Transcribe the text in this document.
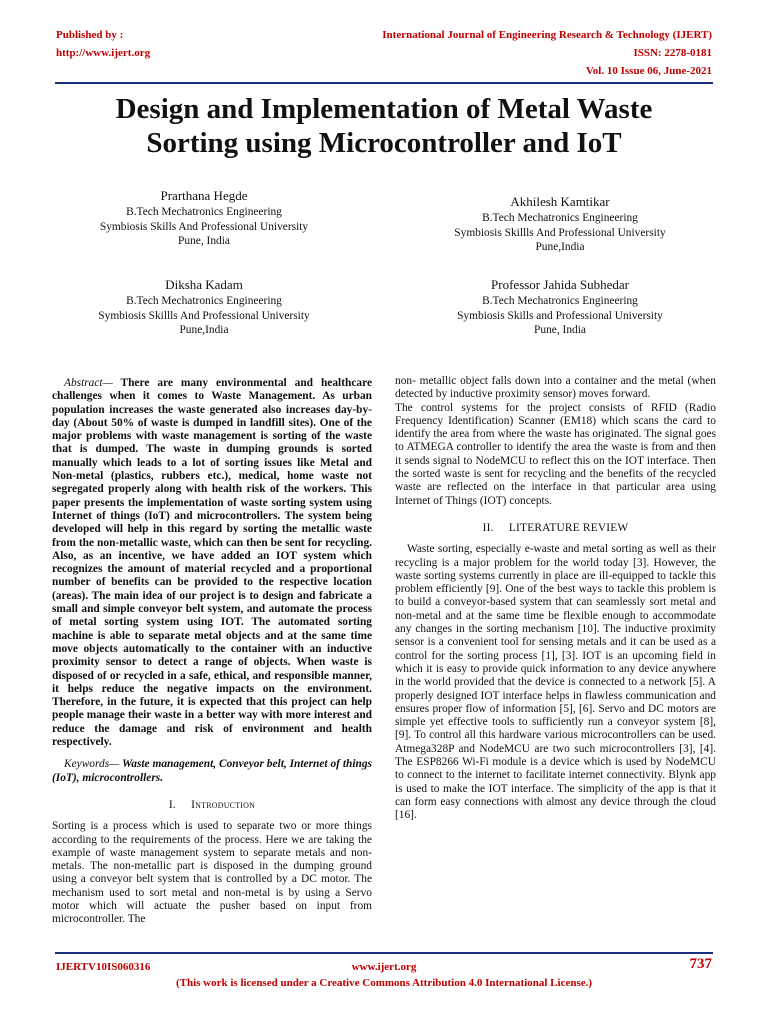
Published by :
http://www.ijert.org
International Journal of Engineering Research & Technology (IJERT)
ISSN: 2278-0181
Vol. 10 Issue 06, June-2021
Design and Implementation of Metal Waste
Sorting using Microcontroller and IoT
Prarthana Hegde
B.Tech Mechatronics Engineering
Symbiosis Skills And Professional University
Pune, India
Akhilesh Kamtikar
B.Tech Mechatronics Engineering
Symbiosis Skillls And Professional University
Pune,India
Diksha Kadam
B.Tech Mechatronics Engineering
Symbiosis Skillls And Professional University
Pune,India
Professor Jahida Subhedar
B.Tech Mechatronics Engineering
Symbiosis Skills and Professional University
Pune, India

Abstract— There are many environmental and healthcare challenges when it comes to Waste Management. As urban population increases the waste generated also increases day-by-day (About 50% of waste is dumped in landfill sites). One of the major problems with waste management is sorting of the waste that is dumped. The waste in dumping grounds is sorted manually which leads to a lot of sorting issues like Metal and Non-metal (plastics, rubbers etc.), medical, home waste not segregated properly along with health risk of the workers. This paper presents the implementation of waste sorting system using Internet of things (IoT) and microcontrollers. The system being developed will help in this regard by sorting the metallic waste from the non-metallic waste, which can then be sent for recycling. Also, as an incentive, we have added an IOT system which recognizes the amount of material recycled and a proportional number of benefits can be provided to the respective location (areas). The main idea of our project is to design and fabricate a small and simple conveyor belt system, and automate the process of metal sorting system using IOT. The automated sorting machine is able to separate metal objects and at the same time move objects automatically to the container with an inductive proximity sensor to detect a range of objects. When waste is disposed of or recycled in a safe, ethical, and responsible manner, it helps reduce the negative impacts on the environment. Therefore, in the future, it is expected that this project can help people manage their waste in a better way with more interest and reduce the damage and risk of environment and health respectively.

Keywords— Waste management, Conveyor belt, Internet of things (IoT), microcontrollers.

I. Introduction

Sorting is a process which is used to separate two or more things according to the requirements of the process. Here we are taking the example of waste management system to separate metals and non-metals. The non-metallic part is disposed in the dumping ground using a conveyor belt system that is controlled by a DC motor. The mechanism used to sort metal and non-metal is by using a Servo motor which will actuate the pusher based on input from microcontroller. The

non- metallic object falls down into a container and the metal (when detected by inductive proximity sensor) moves forward.

The control systems for the project consists of RFID (Radio Frequency Identification) Scanner (EM18) which scans the card to identify the area from where the waste has originated. The signal goes to ATMEGA controller to identify the area the waste is from and then it sends signal to NodeMCU to reflect this on the IOT interface. Then the sorted waste is sent for recycling and the benefits of the recycled waste are reflected on the interface in that particular area using Internet of Things (IOT) concepts.

II. LITERATURE REVIEW

Waste sorting, especially e-waste and metal sorting as well as their recycling is a major problem for the world today [3]. However, the waste sorting systems currently in place are ill-equipped to tackle this problem efficiently [9]. One of the best ways to tackle this problem is to build a conveyor-based system that can seamlessly sort metal and non-metal and at the same time be flexible enough to accommodate any changes in the sorting mechanism [10]. The inductive proximity sensor is a convenient tool for sensing metals and it can be used as a control for the sorting process [1], [3]. IOT is an upcoming field in which it is easy to provide quick information to any device anywhere in the world provided that the device is connected to a network [5]. A properly designed IOT interface helps in flawless communication and ensures proper flow of information [5], [6]. Servo and DC motors are simple yet effective tools to sufficiently run a conveyor system [8], [9]. To control all this hardware various microcontrollers can be used. Atmega328P and NodeMCU are two such microcontrollers [3], [4]. The ESP8266 Wi-Fi module is a device which is used by NodeMCU to connect to the internet to facilitate internet connectivity. Blynk app is used to make the IOT interface. The simplicity of the app is that it can form easy connections with almost any device through the cloud [16].

IJERTV10IS060316	www.ijert.org	737
(This work is licensed under a Creative Commons Attribution 4.0 International License.)
